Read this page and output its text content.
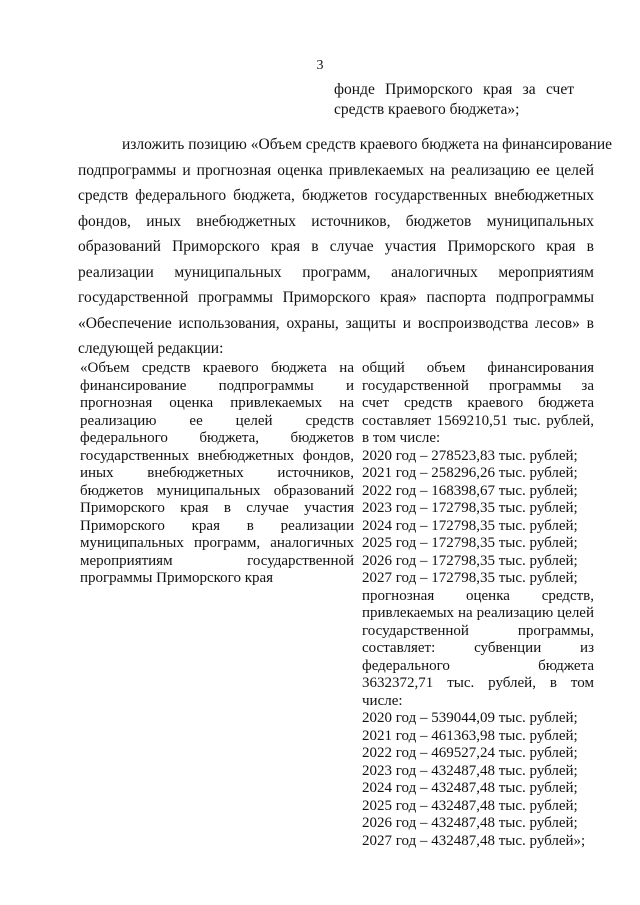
3
фонде Приморского края за счет
средств краевого бюджета»;
изложить позицию «Объем средств краевого бюджета на финансирование
подпрограммы и прогнозная оценка привлекаемых на реализацию ее целей
средств федерального бюджета, бюджетов государственных внебюджетных
фондов, иных внебюджетных источников, бюджетов муниципальных
образований Приморского края в случае участия Приморского края в
реализации муниципальных программ, аналогичных мероприятиям
государственной программы Приморского края» паспорта подпрограммы
«Обеспечение использования, охраны, защиты и воспроизводства лесов» в
следующей редакции:
«Объем средств краевого бюджета на
финансирование подпрограммы и
прогнозная оценка привлекаемых на
реализацию ее целей средств
федерального бюджета, бюджетов
государственных внебюджетных фондов,
иных внебюджетных источников,
бюджетов муниципальных образований
Приморского края в случае участия
Приморского края в реализации
муниципальных программ, аналогичных
мероприятиям государственной
программы Приморского края
общий объем финансирования
государственной программы за
счет средств краевого бюджета
составляет 1569210,51 тыс. рублей,
в том числе:
2020 год – 278523,83 тыс. рублей;
2021 год – 258296,26 тыс. рублей;
2022 год – 168398,67 тыс. рублей;
2023 год – 172798,35 тыс. рублей;
2024 год – 172798,35 тыс. рублей;
2025 год – 172798,35 тыс. рублей;
2026 год – 172798,35 тыс. рублей;
2027 год – 172798,35 тыс. рублей;
прогнозная оценка средств,
привлекаемых на реализацию целей
государственной программы,
составляет: субвенции из
федерального бюджета
3632372,71 тыс. рублей, в том
числе:
2020 год – 539044,09 тыс. рублей;
2021 год – 461363,98 тыс. рублей;
2022 год – 469527,24 тыс. рублей;
2023 год – 432487,48 тыс. рублей;
2024 год – 432487,48 тыс. рублей;
2025 год – 432487,48 тыс. рублей;
2026 год – 432487,48 тыс. рублей;
2027 год – 432487,48 тыс. рублей»;
